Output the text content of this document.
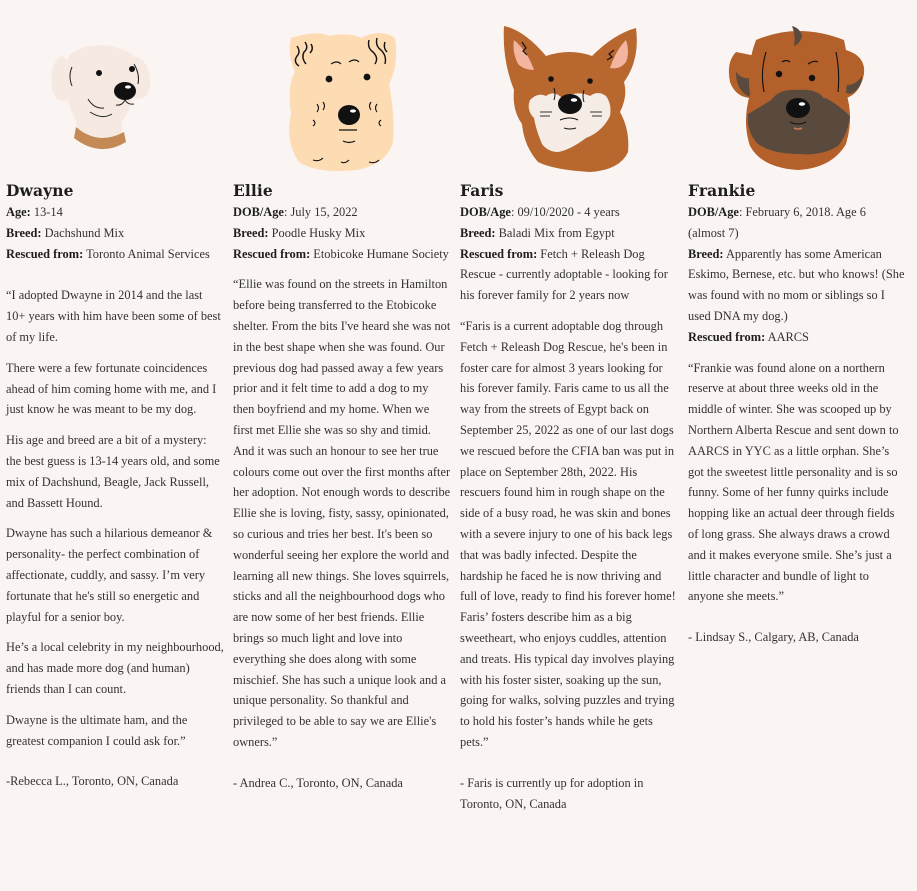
Dwayne

Age: 13-14

Breed: Dachshund Mix

Rescued from: Toronto Animal Services

“I adopted Dwayne in 2014 and the last 10+ years with him have been some of best of my life.

There were a few fortunate coincidences ahead of him coming home with me, and I just know he was meant to be my dog.

His age and breed are a bit of a mystery: the best guess is 13-14 years old, and some mix of Dachshund, Beagle, Jack Russell, and Bassett Hound.

Dwayne has such a hilarious demeanor & personality- the perfect combination of affectionate, cuddly, and sassy. I’m very fortunate that he's still so energetic and playful for a senior boy.

He’s a local celebrity in my neighbourhood, and has made more dog (and human) friends than I can count.

Dwayne is the ultimate ham, and the greatest companion I could ask for.”

-Rebecca L., Toronto, ON, Canada

Ellie

DOB/Age: July 15, 2022

Breed: Poodle Husky Mix

Rescued from: Etobicoke Humane Society

“Ellie was found on the streets in Hamilton before being transferred to the Etobicoke shelter. From the bits I've heard she was not in the best shape when she was found. Our previous dog had passed away a few years prior and it felt time to add a dog to my then boyfriend and my home. When we first met Ellie she was so shy and timid. And it was such an honour to see her true colours come out over the first months after her adoption. Not enough words to describe Ellie she is loving, fisty, sassy, opinionated, so curious and tries her best. It's been so wonderful seeing her explore the world and learning all new things. She loves squirrels, sticks and all the neighbourhood dogs who are now some of her best friends. Ellie brings so much light and love into everything she does along with some mischief. She has such a unique look and a unique personality. So thankful and privileged to be able to say we are Ellie's owners.”

- Andrea C., Toronto, ON, Canada

Faris

DOB/Age: 09/10/2020 - 4 years

Breed: Baladi Mix from Egypt

Rescued from: Fetch + Releash Dog Rescue - currently adoptable - looking for his forever family for 2 years now

“Faris is a current adoptable dog through Fetch + Releash Dog Rescue, he's been in foster care for almost 3 years looking for his forever family. Faris came to us all the way from the streets of Egypt back on September 25, 2022 as one of our last dogs we rescued before the CFIA ban was put in place on September 28th, 2022. His rescuers found him in rough shape on the side of a busy road, he was skin and bones with a severe injury to one of his back legs that was badly infected. Despite the hardship he faced he is now thriving and full of love, ready to find his forever home! Faris’ fosters describe him as a big sweetheart, who enjoys cuddles, attention and treats. His typical day involves playing with his foster sister, soaking up the sun, going for walks, solving puzzles and trying to hold his foster’s hands while he gets pets.”

- Faris is currently up for adoption in Toronto, ON, Canada

Frankie

DOB/Age: February 6, 2018. Age 6 (almost 7)

Breed: Apparently has some American Eskimo, Bernese, etc. but who knows! (She was found with no mom or siblings so I used DNA my dog.)

Rescued from: AARCS

“Frankie was found alone on a northern reserve at about three weeks old in the middle of winter. She was scooped up by Northern Alberta Rescue and sent down to AARCS in YYC as a little orphan. She’s got the sweetest little personality and is so funny. Some of her funny quirks include hopping like an actual deer through fields of long grass. She always draws a crowd and it makes everyone smile. She’s just a little character and bundle of light to anyone she meets.”

- Lindsay S., Calgary, AB, Canada
